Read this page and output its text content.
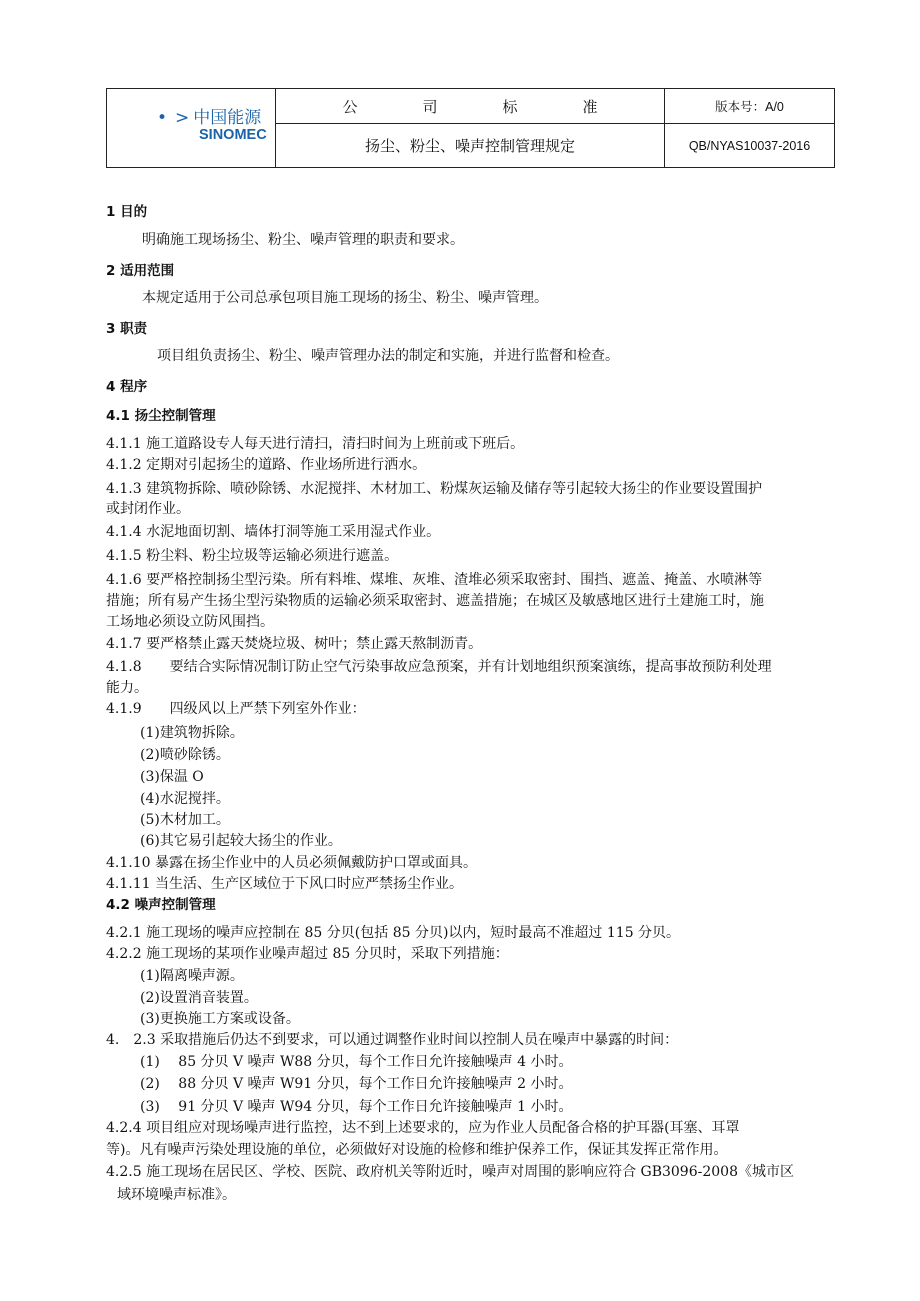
• > 中国能源
SINOMEC	公 司 标 准	版本号：A/0
	扬尘、粉尘、噪声控制管理规定	QB/NYAS10037-2016
1 目的
明确施工现场扬尘、粉尘、噪声管理的职责和要求。
2 适用范围
本规定适用于公司总承包项目施工现场的扬尘、粉尘、噪声管理。
3 职责
项目组负责扬尘、粉尘、噪声管理办法的制定和实施，并进行监督和检查。
4 程序
4.1 扬尘控制管理
4.1.1 施工道路设专人每天进行清扫，清扫时间为上班前或下班后。
4.1.2 定期对引起扬尘的道路、作业场所进行洒水。
4.1.3 建筑物拆除、喷砂除锈、水泥搅拌、木材加工、粉煤灰运输及储存等引起较大扬尘的作业要设置围护
或封闭作业。
4.1.4 水泥地面切割、墙体打洞等施工采用湿式作业。
4.1.5 粉尘料、粉尘垃圾等运输必须进行遮盖。
4.1.6 要严格控制扬尘型污染。所有料堆、煤堆、灰堆、渣堆必须采取密封、围挡、遮盖、掩盖、水喷淋等
措施；所有易产生扬尘型污染物质的运输必须采取密封、遮盖措施；在城区及敏感地区进行土建施工时，施
工场地必须设立防风围挡。
4.1.7 要严格禁止露天焚烧垃圾、树叶；禁止露天熬制沥青。
4.1.8　　要结合实际情况制订防止空气污染事故应急预案，并有计划地组织预案演练，提高事故预防利处理
能力。
4.1.9　　四级风以上严禁下列室外作业：
(1)建筑物拆除。
(2)喷砂除锈。
(3)保温 O
(4)水泥搅拌。
(5)木材加工。
(6)其它易引起较大扬尘的作业。
4.1.10 暴露在扬尘作业中的人员必须佩戴防护口罩或面具。
4.1.11 当生活、生产区域位于下风口时应严禁扬尘作业。
4.2 噪声控制管理
4.2.1 施工现场的噪声应控制在 85 分贝(包括 85 分贝)以内，短时最高不准超过 115 分贝。
4.2.2 施工现场的某项作业噪声超过 85 分贝时，采取下列措施：
(1)隔离噪声源。
(2)设置消音装置。
(3)更换施工方案或设备。
4.　2.3 采取措施后仍达不到要求，可以通过调整作业时间以控制人员在噪声中暴露的时间：
(1)　 85 分贝 V 噪声 W88 分贝，每个工作日允许接触噪声 4 小时。
(2)　 88 分贝 V 噪声 W91 分贝，每个工作日允许接触噪声 2 小时。
(3)　 91 分贝 V 噪声 W94 分贝，每个工作日允许接触噪声 1 小时。
4.2.4 项目组应对现场噪声进行监控，达不到上述要求的，应为作业人员配备合格的护耳器(耳塞、耳罩
等)。凡有噪声污染处理设施的单位，必须做好对设施的检修和维护保养工作，保证其发挥正常作用。
4.2.5 施工现场在居民区、学校、医院、政府机关等附近时，噪声对周围的影响应符合 GB3096-2008《城市区
域环境噪声标准》。
